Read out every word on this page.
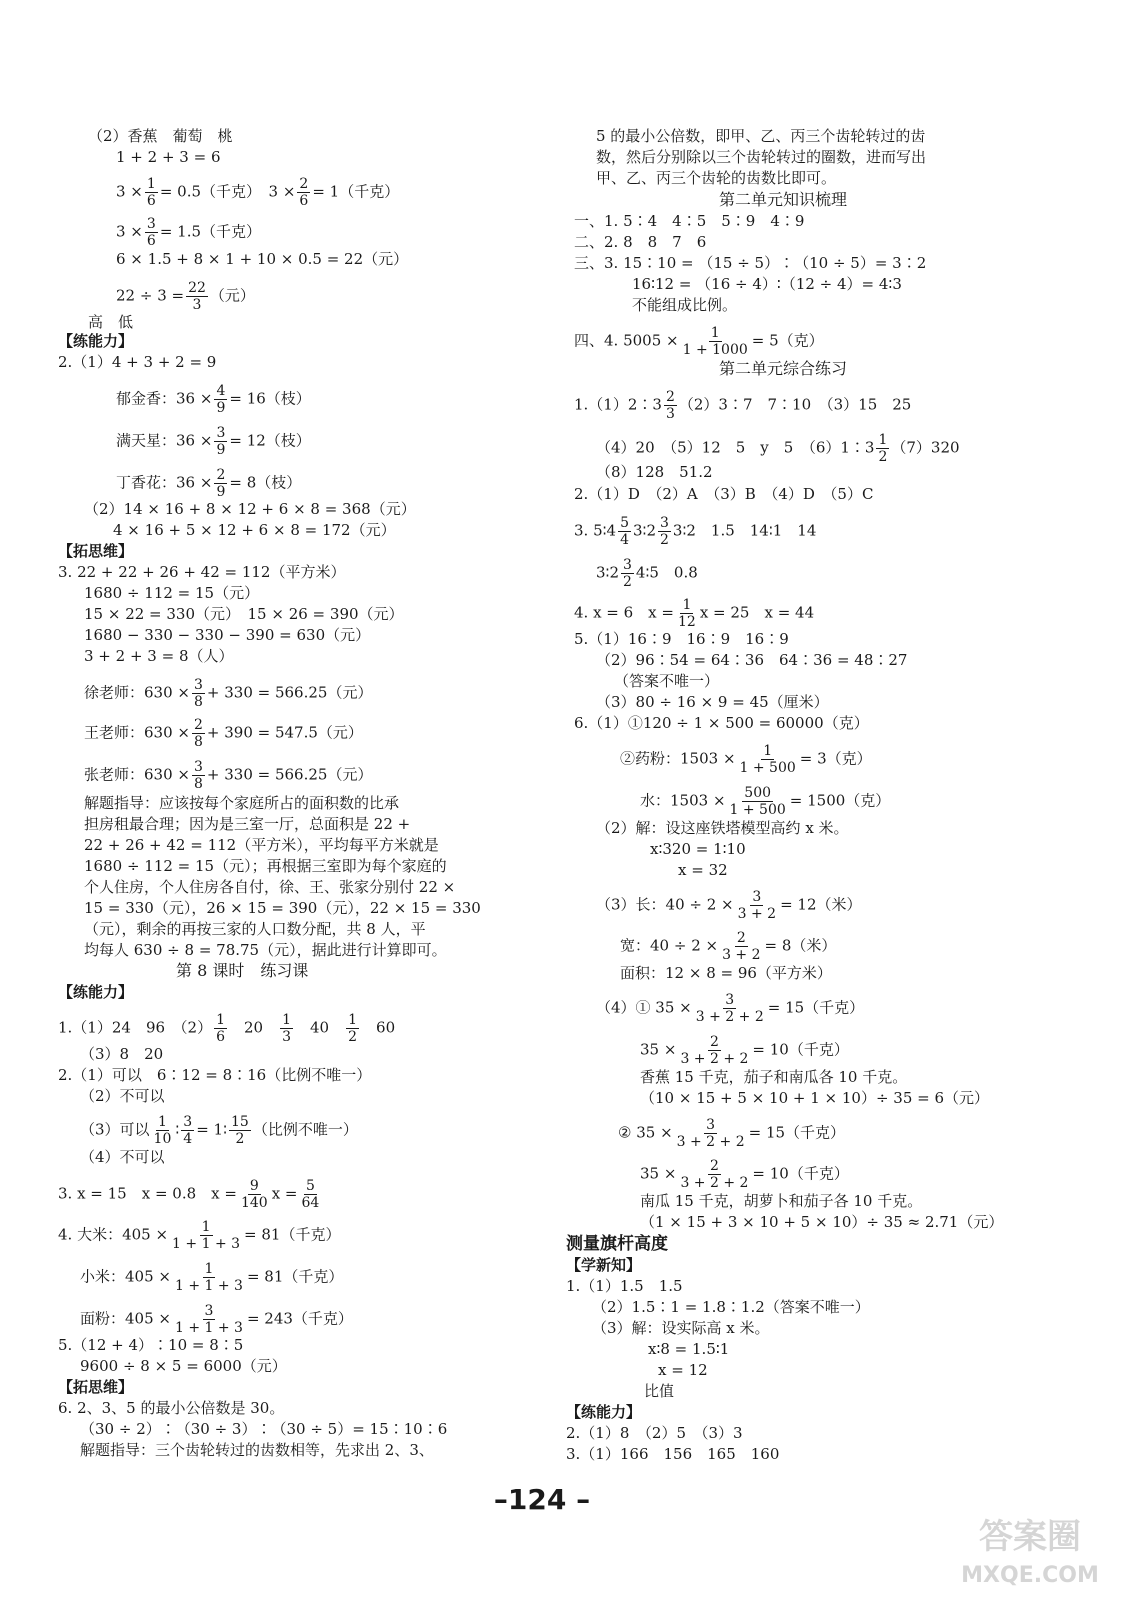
（2）香蕉　葡萄　桃
1 + 2 + 3 = 6
$3 \times \frac{1}{6} = 0.5$（千克）　$3 \times \frac{2}{6} = 1$（千克）
$3 \times \frac{3}{6} = 1.5$（千克）
6 × 1.5 + 8 × 1 + 10 × 0.5 = 22（元）
$22 \div 3 = \frac{22}{3}$ （元）
高　低
【练能力】
2.（1）4 + 3 + 2 = 9
郁金香：$36 \times \frac{4}{9} = 16$（枝）
满天星：$36 \times \frac{3}{9} = 12$（枝）
丁香花：$36 \times \frac{2}{9} = 8$（枝）
（2）14 × 16 + 8 × 12 + 6 × 8 = 368（元）
4 × 16 + 5 × 12 + 6 × 8 = 172（元）
【拓思维】
3. 22 + 22 + 26 + 42 = 112（平方米）
1680 ÷ 112 = 15（元）
15 × 22 = 330（元）　15 × 26 = 390（元）
1680 − 330 − 330 − 390 = 630（元）
3 + 2 + 3 = 8（人）
徐老师：$630 \times \frac{3}{8} + 330 = 566.25$（元）
王老师：$630 \times \frac{2}{8} + 390 = 547.5$（元）
张老师：$630 \times \frac{3}{8} + 330 = 566.25$（元）
解题指导：应该按每个家庭所占的面积数的比承
担房租最合理；因为是三室一厅，总面积是 22 +
22 + 26 + 42 = 112（平方米），平均每平方米就是
1680 ÷ 112 = 15（元）；再根据三室即为每个家庭的
个人住房，个人住房各自付，徐、王、张家分别付 22 ×
15 = 330（元），26 × 15 = 390（元），22 × 15 = 330
（元），剩余的再按三家的人口数分配，共 8 人，平
均每人 630 ÷ 8 = 78.75（元），据此进行计算即可。
第 8 课时　练习课
【练能力】
1.（1）24　96　$(2) \frac{1}{6}$ 　20　 $\frac{1}{3}$ 　40　 $\frac{1}{2}$ 　60
（3）8　20
2.（1）可以　6∶12 = 8∶16（比例不唯一）
（2）不可以
（3）可以 $\frac{1}{10}$ ∶ $\frac{3}{4}$ = 1∶ $\frac{15}{2}$ （比例不唯一）
（4）不可以
3. x = 15　x = 0.8　$x = \frac{9}{140}$ $x = \frac{5}{64}$
4. 大米：$405 \times \frac{1}{1 + 1 + 3} = 81$（千克）
小米：$405 \times \frac{1}{1 + 1 + 3} = 81$（千克）
面粉：$405 \times \frac{3}{1 + 1 + 3} = 243$（千克）
5.（12 + 4）∶10 = 8∶5
9600 ÷ 8 × 5 = 6000（元）
【拓思维】
6. 2、3、5 的最小公倍数是 30。
（30 ÷ 2）∶（30 ÷ 3）∶（30 ÷ 5）= 15∶10∶6
解题指导：三个齿轮转过的齿数相等，先求出 2、3、
5 的最小公倍数，即甲、乙、丙三个齿轮转过的齿
数，然后分别除以三个齿轮转过的圈数，进而写出
甲、乙、丙三个齿轮的齿数比即可。
第二单元知识梳理
一、1. 5∶4　4∶5　5∶9　4∶9
二、2. 8　8　7　6
三、3. 15∶10 = （15 ÷ 5）∶（10 ÷ 5）= 3∶2
16∶12 = （16 ÷ 4）∶（12 ÷ 4）= 4∶3
不能组成比例。
四、4. $5005 \times \frac{1}{1 + 1000} = 5$（克）
第二单元综合练习
1.（1）2∶3 $\frac{2}{3}$ （2）3∶7　7∶10　（3）15　25
（4）20　（5）12　5　y　5　（6）1∶3 $\frac{1}{2} (7)320$
（8）128　51.2
2.（1）D　（2）A　（3）B　（4）D　（5）C
3. 5∶4 $\frac{5}{4}$ 3∶2 $\frac{3}{2}$ 3∶2　1.5　14∶1　14
3∶2 $\frac{3}{2}$ 4∶5　0.8
4. x = 6　$x = \frac{1}{12}$ x = 25　x = 44
5.（1）16∶9　16∶9　16∶9
（2）96∶54 = 64∶36　64∶36 = 48∶27
（答案不唯一）
（3）80 ÷ 16 × 9 = 45（厘米）
6.（1）①120 ÷ 1 × 500 = 60000（克）
②药粉：$1503 \times \frac{1}{1 + 500} = 3$（克）
水：$1503 \times \frac{500}{1 + 500} = 1500$（克）
（2）解：设这座铁塔模型高约 x 米。
x∶320 = 1∶10
x = 32
（3）长：$40 \div 2 \times \frac{3}{3 + 2} = 12$（米）
宽：$40 \div 2 \times \frac{2}{3 + 2} = 8$（米）
面积：12 × 8 = 96（平方米）
（4）① $35 \times \frac{3}{3 + 2 + 2} = 15$（千克）
$35 \times \frac{2}{3 + 2 + 2} = 10$（千克）
香蕉 15 千克，茄子和南瓜各 10 千克。
（10 × 15 + 5 × 10 + 1 × 10）÷ 35 = 6（元）
② $35 \times \frac{3}{3 + 2 + 2} = 15$（千克）
$35 \times \frac{2}{3 + 2 + 2} = 10$（千克）
南瓜 15 千克，胡萝卜和茄子各 10 千克。
（1 × 15 + 3 × 10 + 5 × 10）÷ 35 ≈ 2.71（元）
测量旗杆高度
【学新知】
1.（1）1.5　1.5
（2）1.5∶1 = 1.8∶1.2（答案不唯一）
（3）解：设实际高 x 米。
x∶8 = 1.5∶1
x = 12
比值
【练能力】
2.（1）8　（2）5　（3）3
3.（1）166　156　165　160
–124 –
答案圈
MXQE.COM
